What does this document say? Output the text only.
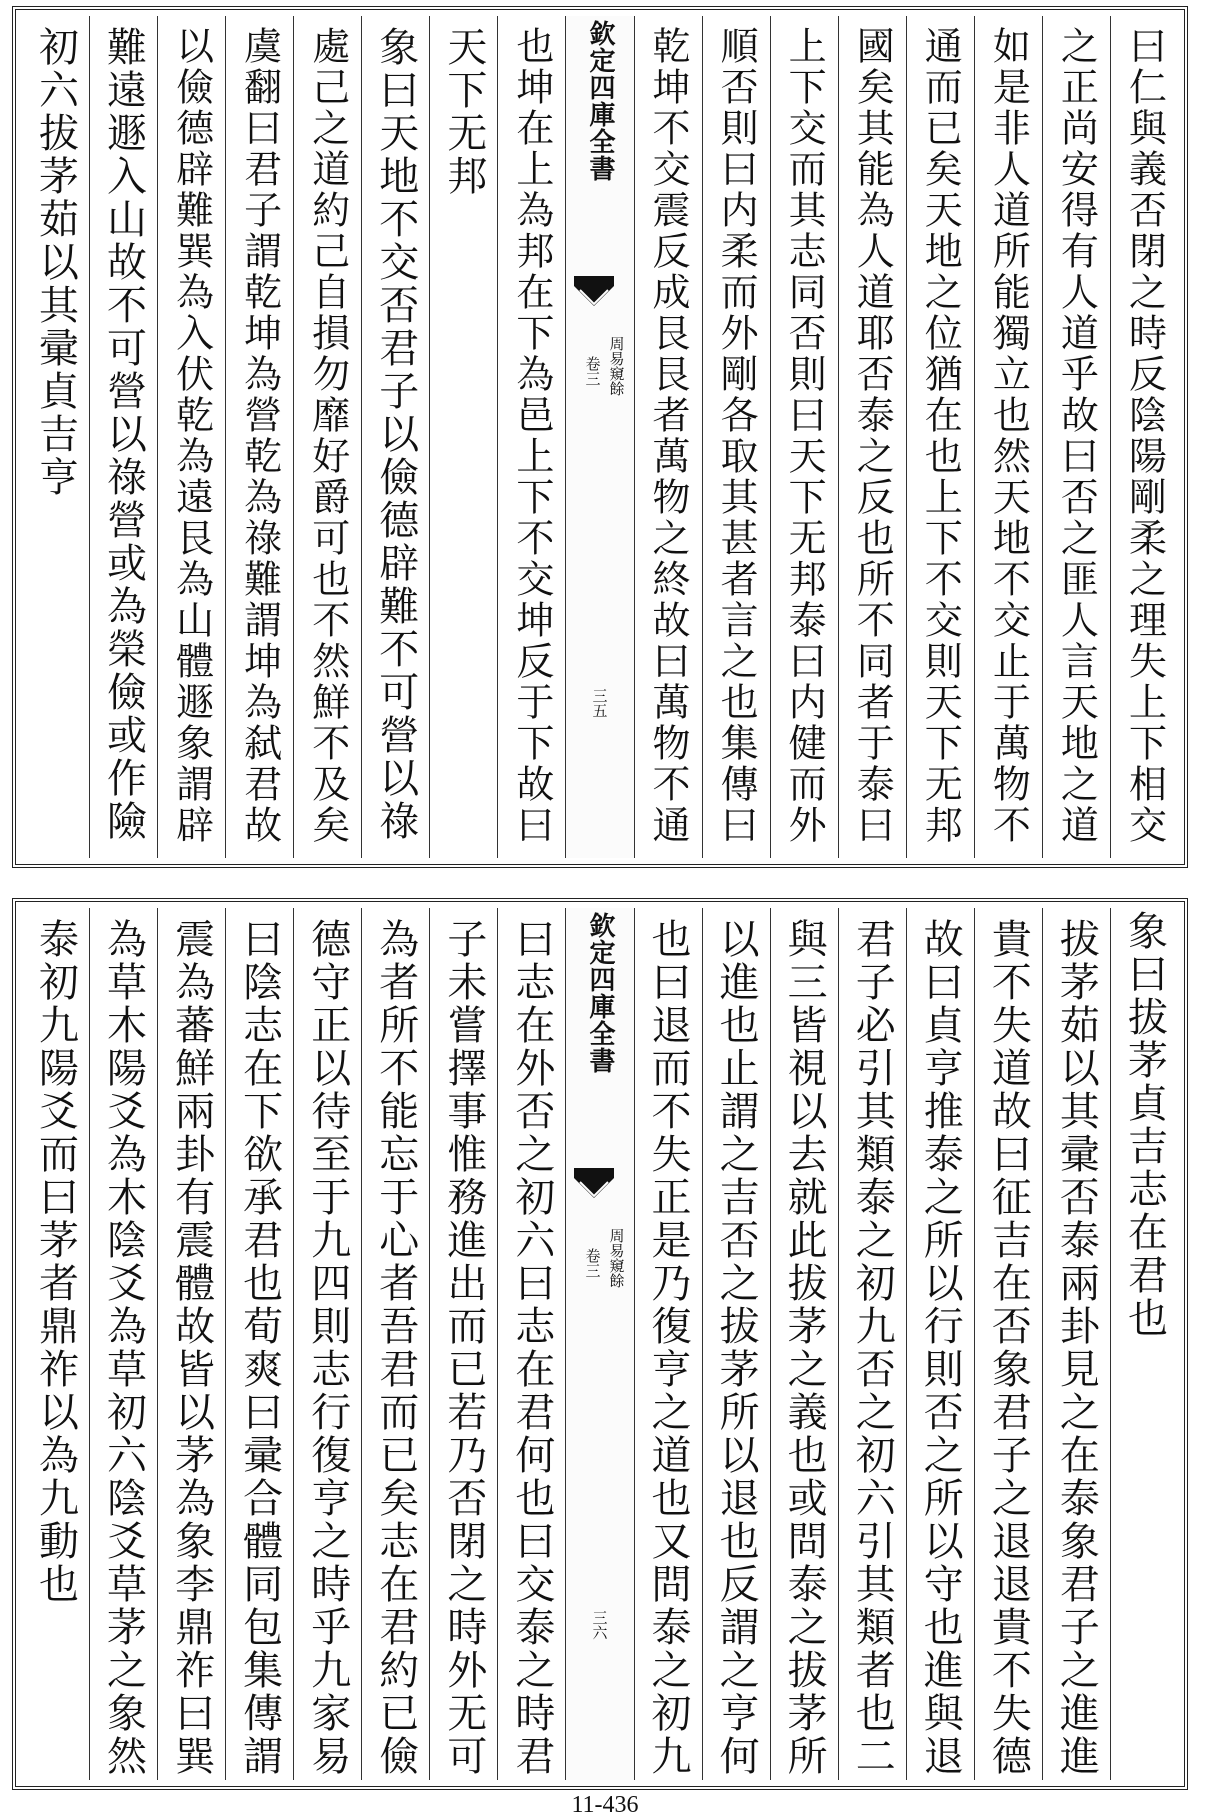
曰仁與義否閉之時反陰陽剛柔之理失上下相交
之正尚安得有人道乎故曰否之匪人言天地之道
如是非人道所能獨立也然天地不交止于萬物不
通而已矣天地之位猶在也上下不交則天下无邦
國矣其能為人道耶否泰之反也所不同者于泰曰
上下交而其志同否則曰天下无邦泰曰内健而外
順否則曰内柔而外剛各取其甚者言之也集傳曰
乾坤不交震反成艮艮者萬物之終故曰萬物不通
欽定四庫全書
周易窺餘
卷三
三五
也坤在上為邦在下為邑上下不交坤反于下故曰
天下无邦
象曰天地不交否君子以儉德辟難不可營以祿
處己之道約己自損勿靡好爵可也不然鮮不及矣
虞翻曰君子謂乾坤為營乾為祿難謂坤為弑君故
以儉德辟難巽為入伏乾為遠艮為山體遯象謂辟
難遠遯入山故不可營以祿營或為榮儉或作險
初六拔茅茹以其彚貞吉亨
象曰拔茅貞吉志在君也
拔茅茹以其彚否泰兩卦見之在泰象君子之進進
貴不失道故曰征吉在否象君子之退退貴不失德
故曰貞亨推泰之所以行則否之所以守也進與退
君子必引其類泰之初九否之初六引其類者也二
與三皆視以去就此拔茅之義也或問泰之拔茅所
以進也止謂之吉否之拔茅所以退也反謂之亨何
也曰退而不失正是乃復亨之道也又問泰之初九
欽定四庫全書
周易窺餘
卷三
三六
曰志在外否之初六曰志在君何也曰交泰之時君
子未嘗擇事惟務進出而已若乃否閉之時外无可
為者所不能忘于心者吾君而已矣志在君約已儉
德守正以待至于九四則志行復亨之時乎九家易
曰陰志在下欲承君也荀爽曰彚合體同包集傳謂
震為蕃鮮兩卦有震體故皆以茅為象李鼎祚曰巽
為草木陽爻為木陰爻為草初六陰爻草茅之象然
泰初九陽爻而曰茅者鼎祚以為九動也
11-436
